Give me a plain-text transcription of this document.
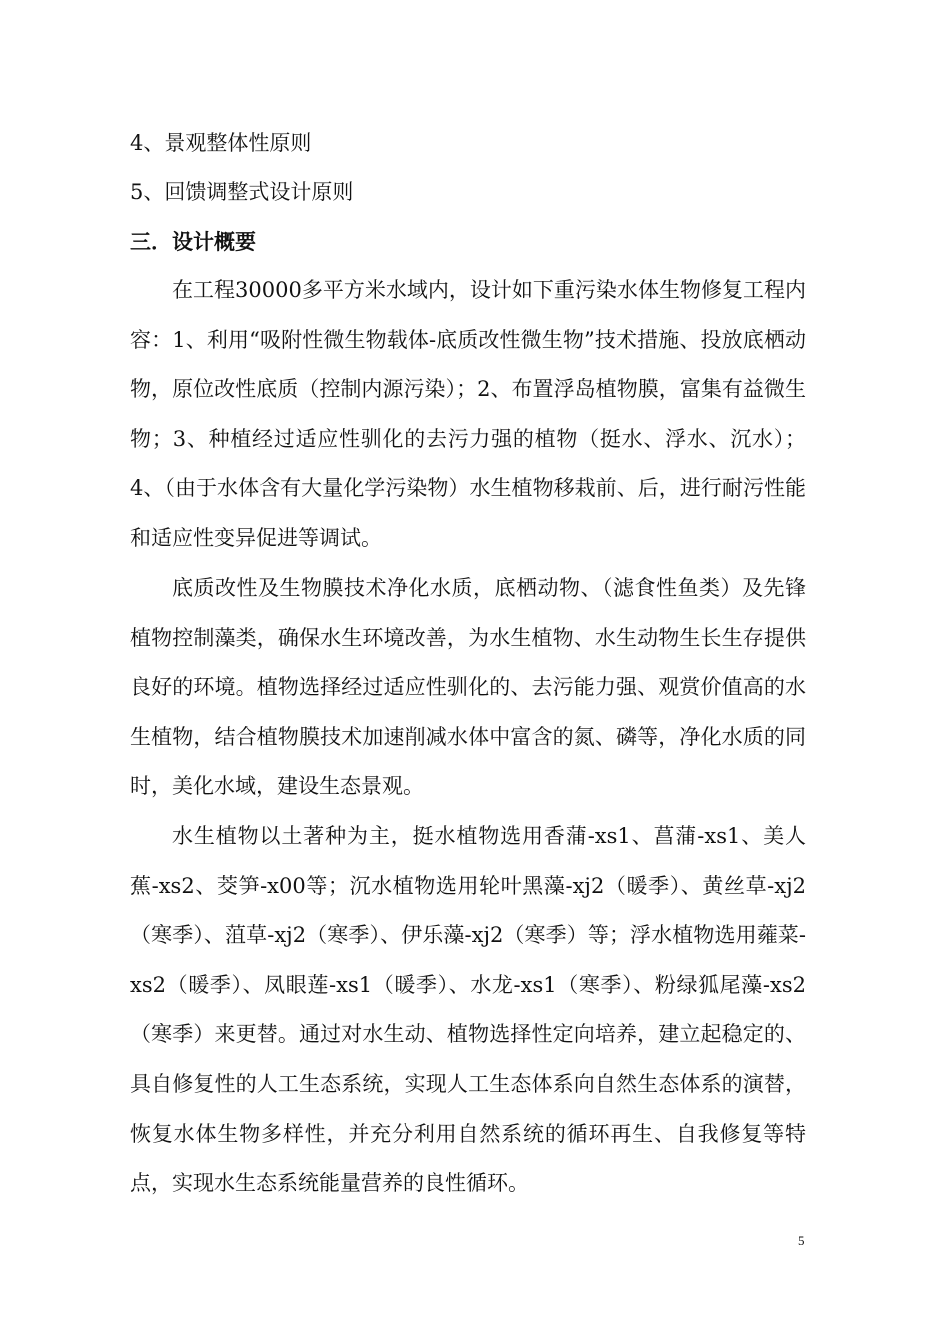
4、景观整体性原则
5、回馈调整式设计原则
三．设计概要

在工程30000多平方米水域内，设计如下重污染水体生物修复工程内容：1、利用“吸附性微生物载体-底质改性微生物”技术措施、投放底栖动物，原位改性底质（控制内源污染）；2、布置浮岛植物膜，富集有益微生物；3、种植经过适应性驯化的去污力强的植物（挺水、浮水、沉水）；4、（由于水体含有大量化学污染物）水生植物移栽前、后，进行耐污性能和适应性变异促进等调试。

底质改性及生物膜技术净化水质，底栖动物、（滤食性鱼类）及先锋植物控制藻类，确保水生环境改善，为水生植物、水生动物生长生存提供良好的环境。植物选择经过适应性驯化的、去污能力强、观赏价值高的水生植物，结合植物膜技术加速削减水体中富含的氮、磷等，净化水质的同时，美化水域，建设生态景观。

水生植物以土著种为主，挺水植物选用香蒲-xs1、菖蒲-xs1、美人蕉-xs2、茭笋-x00等；沉水植物选用轮叶黑藻-xj2（暖季）、黄丝草-xj2（寒季）、菹草-xj2（寒季）、伊乐藻-xj2（寒季）等；浮水植物选用蕹菜-xs2（暖季）、凤眼莲-xs1（暖季）、水龙-xs1（寒季）、粉绿狐尾藻-xs2（寒季）来更替。通过对水生动、植物选择性定向培养，建立起稳定的、具自修复性的人工生态系统，实现人工生态体系向自然生态体系的演替，恢复水体生物多样性，并充分利用自然系统的循环再生、自我修复等特点，实现水生态系统能量营养的良性循环。

5
